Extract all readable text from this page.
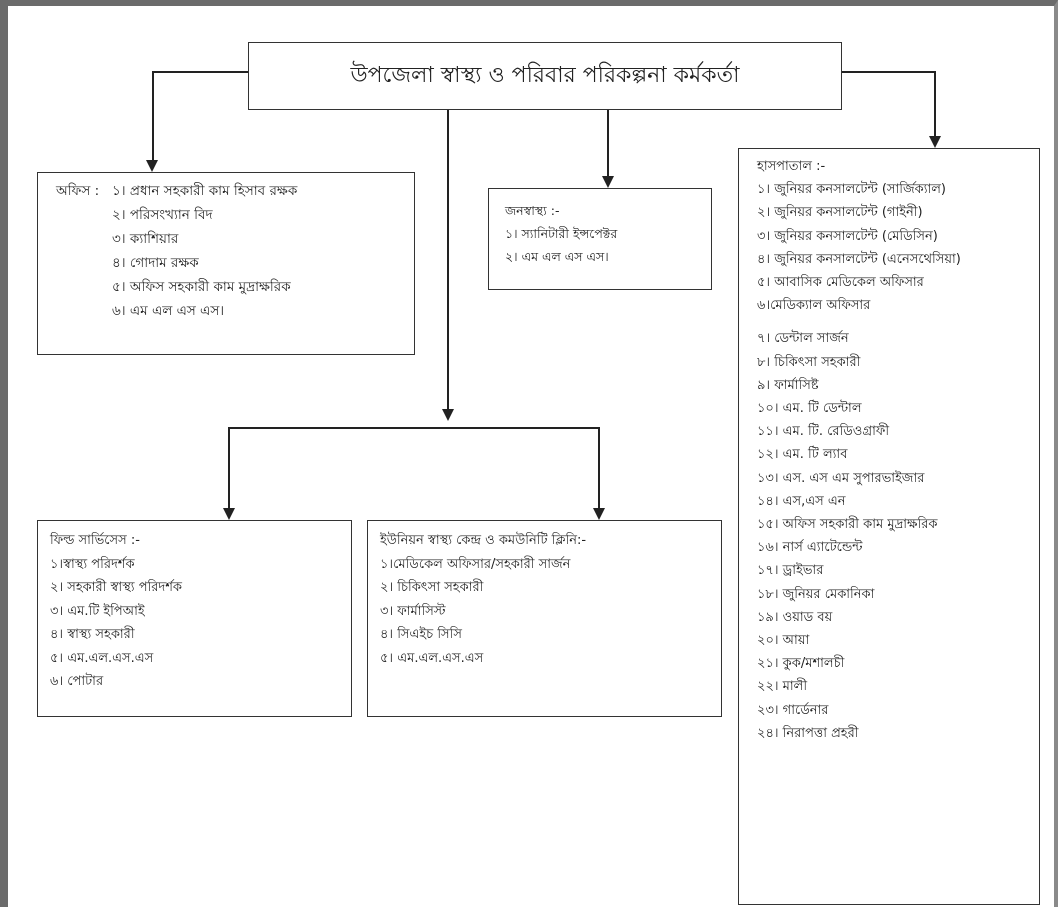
উপজেলা স্বাস্থ্য ও পরিবার পরিকল্পনা কর্মকর্তা
অফিস : ১। প্রধান সহকারী কাম হিসাব রক্ষক
২। পরিসংখ্যান বিদ
৩। ক্যাশিয়ার
৪। গোদাম রক্ষক
৫। অফিস সহকারী কাম মুদ্রাক্ষরিক
৬। এম এল এস এস।
জনস্বাস্থ্য :-
১। স্যানিটারী ইন্সপেক্টর
২। এম এল এস এস।
হাসপাতাল :-
১। জুনিয়র কনসালটেন্ট (সার্জিক্যাল)
২। জুনিয়র কনসালটেন্ট (গাইনী)
৩। জুনিয়র কনসালটেন্ট (মেডিসিন)
৪। জুনিয়র কনসালটেন্ট (এনেসথেসিয়া)
৫। আবাসিক মেডিকেল অফিসার
৬।মেডিক্যাল অফিসার
৭। ডেন্টাল সার্জন
৮। চিকিৎসা সহকারী
৯। ফার্মাসিষ্ট
১০। এম. টি ডেন্টাল
১১। এম. টি. রেডিওগ্রাফী
১২। এম. টি ল্যাব
১৩। এস. এস এম সুপারভাইজার
১৪। এস,এস এন
১৫। অফিস সহকারী কাম মুদ্রাক্ষরিক
১৬। নার্স এ্যাটেন্ডেন্ট
১৭। ড্রাইভার
১৮। জুনিয়র মেকানিকা
১৯। ওয়াড বয়
২০। আয়া
২১। কুক/মশালচী
২২। মালী
২৩। গার্ডেনার
২৪। নিরাপত্তা প্রহরী
ফিল্ড সার্ভিসেস :-
১।স্বাস্থ্য পরিদর্শক
২। সহকারী স্বাস্থ্য পরিদর্শক
৩। এম.টি ইপিআই
৪। স্বাস্থ্য সহকারী
৫। এম.এল.এস.এস
৬। পোটার
ইউনিয়ন স্বাস্থ্য কেন্দ্র ও কমউনিটি ক্লিনি:-
১।মেডিকেল অফিসার/সহকারী সার্জন
২। চিকিৎসা সহকারী
৩। ফার্মাসিস্ট
৪। সিএইচ সিসি
৫। এম.এল.এস.এস
